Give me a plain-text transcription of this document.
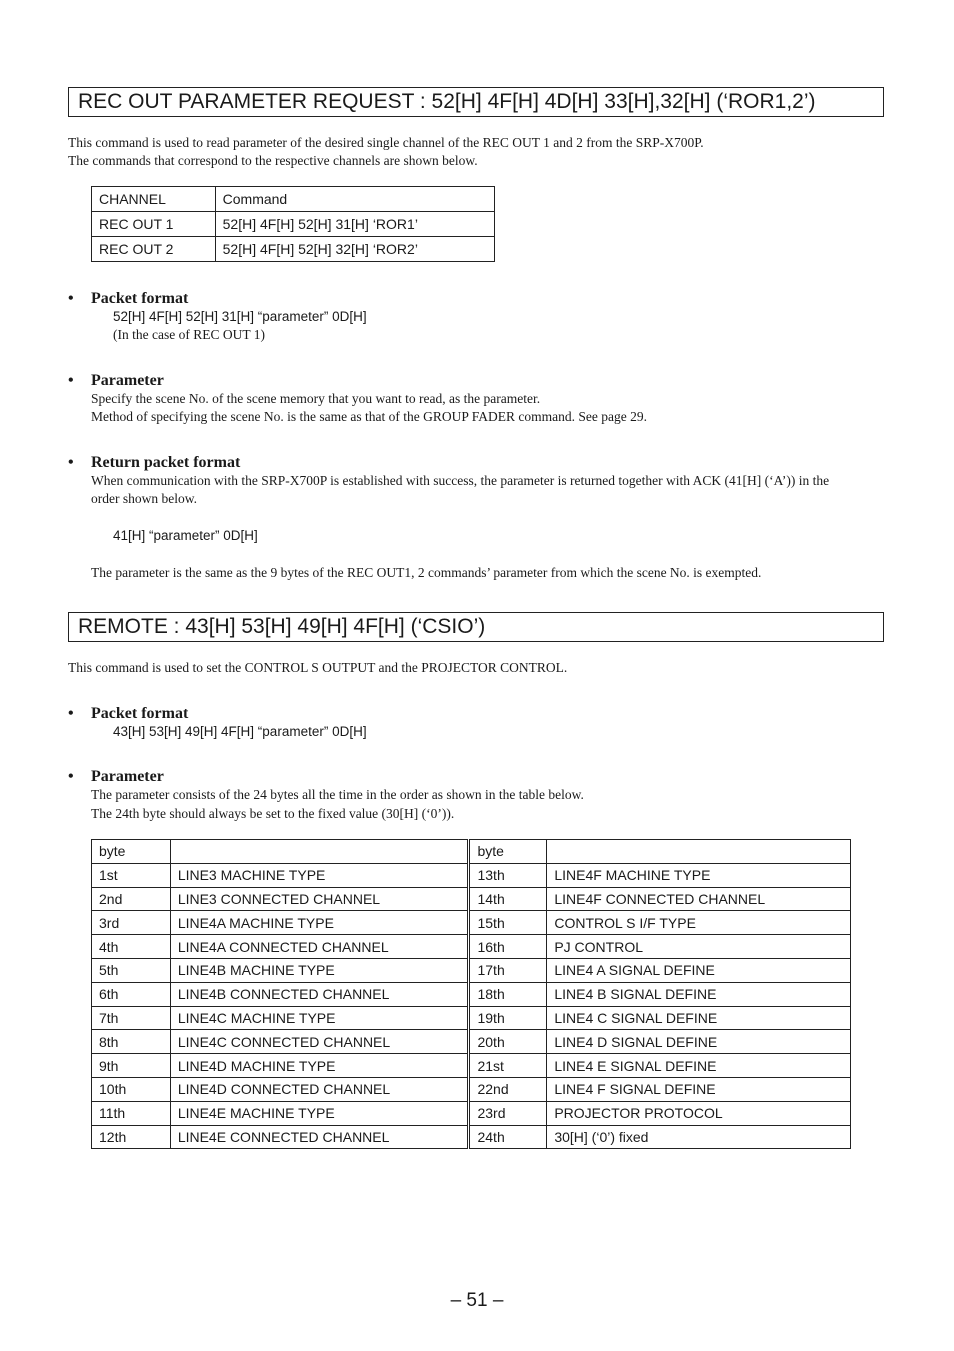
REC OUT PARAMETER REQUEST : 52[H] 4F[H] 4D[H] 33[H],32[H] (‘ROR1,2’)
This command is used to read parameter of the desired single channel of the REC OUT 1 and 2 from the SRP-X700P.
The commands that correspond to the respective channels are shown below.
CHANNEL	Command
REC OUT 1	52[H] 4F[H] 52[H] 31[H] ‘ROR1’
REC OUT 2	52[H] 4F[H] 52[H] 32[H] ‘ROR2’
• Packet format
52[H] 4F[H] 52[H] 31[H] “parameter” 0D[H]
(In the case of REC OUT 1)
• Parameter
Specify the scene No. of the scene memory that you want to read, as the parameter.
Method of specifying the scene No. is the same as that of the GROUP FADER command. See page 29.
• Return packet format
When communication with the SRP-X700P is established with success, the parameter is returned together with ACK (41[H] (‘A’)) in the
order shown below.
41[H] “parameter” 0D[H]
The parameter is the same as the 9 bytes of the REC OUT1, 2 commands’ parameter from which the scene No. is exempted.
REMOTE : 43[H] 53[H] 49[H] 4F[H] (‘CSIO’)
This command is used to set the CONTROL S OUTPUT and the PROJECTOR CONTROL.
• Packet format
43[H] 53[H] 49[H] 4F[H] “parameter” 0D[H]
• Parameter
The parameter consists of the 24 bytes all the time in the order as shown in the table below.
The 24th byte should always be set to the fixed value (30[H] (‘0’)).
byte		byte	
1st	LINE3 MACHINE TYPE	13th	LINE4F MACHINE TYPE
2nd	LINE3 CONNECTED CHANNEL	14th	LINE4F CONNECTED CHANNEL
3rd	LINE4A MACHINE TYPE	15th	CONTROL S I/F TYPE
4th	LINE4A CONNECTED CHANNEL	16th	PJ CONTROL
5th	LINE4B MACHINE TYPE	17th	LINE4 A SIGNAL DEFINE
6th	LINE4B CONNECTED CHANNEL	18th	LINE4 B SIGNAL DEFINE
7th	LINE4C MACHINE TYPE	19th	LINE4 C SIGNAL DEFINE
8th	LINE4C CONNECTED CHANNEL	20th	LINE4 D SIGNAL DEFINE
9th	LINE4D MACHINE TYPE	21st	LINE4 E SIGNAL DEFINE
10th	LINE4D CONNECTED CHANNEL	22nd	LINE4 F SIGNAL DEFINE
11th	LINE4E MACHINE TYPE	23rd	PROJECTOR PROTOCOL
12th	LINE4E CONNECTED CHANNEL	24th	30[H] (‘0’) fixed
– 51 –
